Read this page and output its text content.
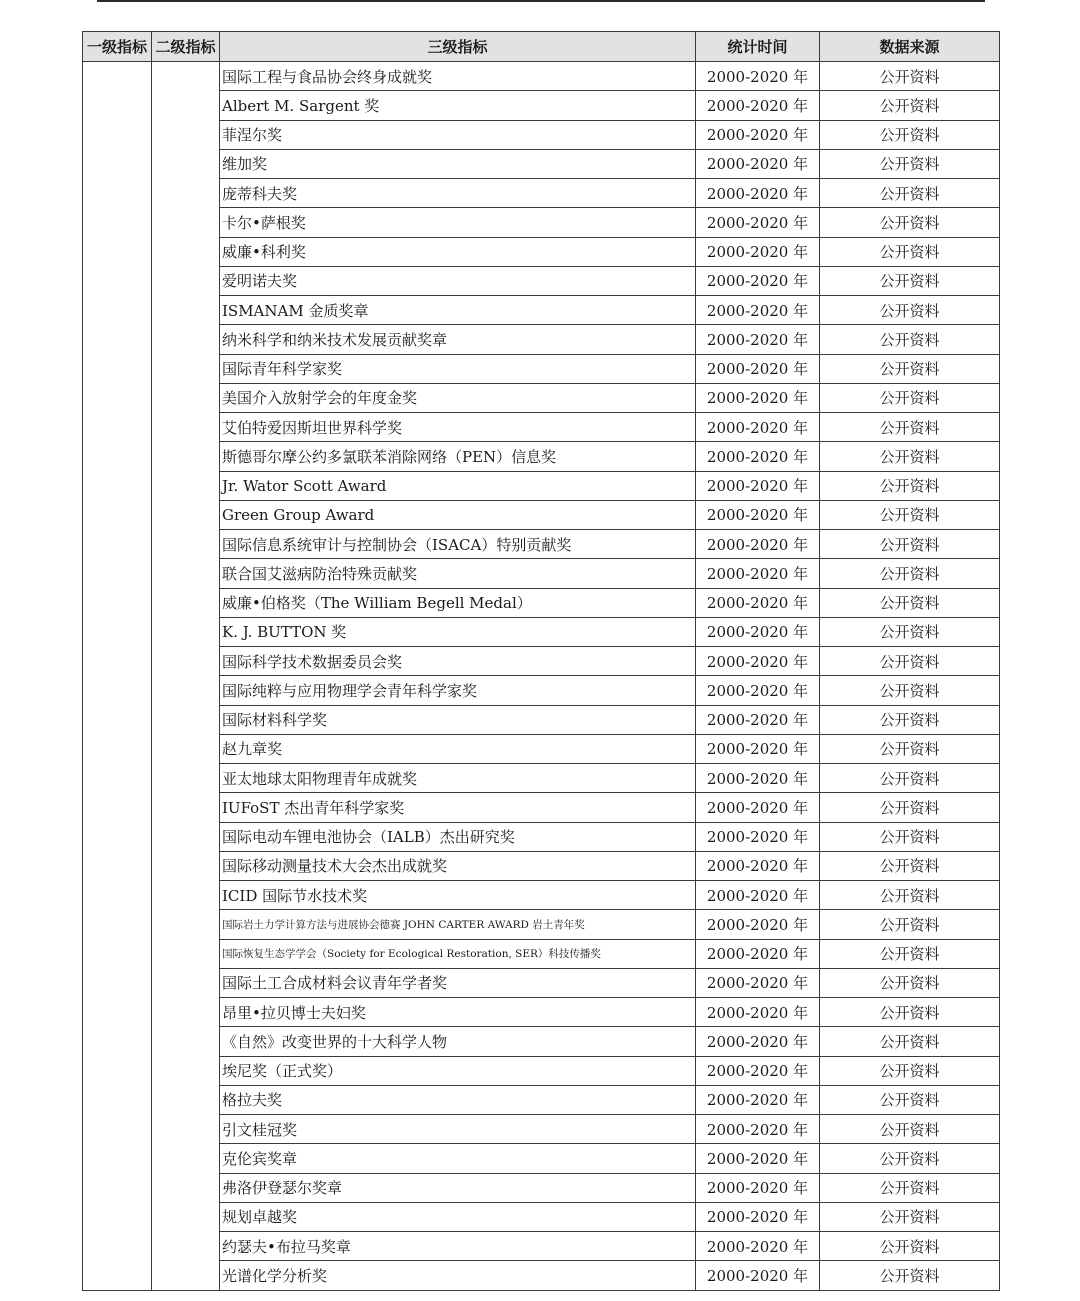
一级指标	二级指标	三级指标	统计时间	数据来源
		国际工程与食品协会终身成就奖	2000-2020 年	公开资料
		Albert M. Sargent 奖	2000-2020 年	公开资料
		菲涅尔奖	2000-2020 年	公开资料
		维加奖	2000-2020 年	公开资料
		庞蒂科夫奖	2000-2020 年	公开资料
		卡尔•萨根奖	2000-2020 年	公开资料
		威廉•科利奖	2000-2020 年	公开资料
		爱明诺夫奖	2000-2020 年	公开资料
		ISMANAM 金质奖章	2000-2020 年	公开资料
		纳米科学和纳米技术发展贡献奖章	2000-2020 年	公开资料
		国际青年科学家奖	2000-2020 年	公开资料
		美国介入放射学会的年度金奖	2000-2020 年	公开资料
		艾伯特爱因斯坦世界科学奖	2000-2020 年	公开资料
		斯德哥尔摩公约多氯联苯消除网络（PEN）信息奖	2000-2020 年	公开资料
		Jr. Wator Scott Award	2000-2020 年	公开资料
		Green Group Award	2000-2020 年	公开资料
		国际信息系统审计与控制协会（ISACA）特别贡献奖	2000-2020 年	公开资料
		联合国艾滋病防治特殊贡献奖	2000-2020 年	公开资料
		威廉•伯格奖（The William Begell Medal）	2000-2020 年	公开资料
		K. J. BUTTON 奖	2000-2020 年	公开资料
		国际科学技术数据委员会奖	2000-2020 年	公开资料
		国际纯粹与应用物理学会青年科学家奖	2000-2020 年	公开资料
		国际材料科学奖	2000-2020 年	公开资料
		赵九章奖	2000-2020 年	公开资料
		亚太地球太阳物理青年成就奖	2000-2020 年	公开资料
		IUFoST 杰出青年科学家奖	2000-2020 年	公开资料
		国际电动车锂电池协会（IALB）杰出研究奖	2000-2020 年	公开资料
		国际移动测量技术大会杰出成就奖	2000-2020 年	公开资料
		ICID 国际节水技术奖	2000-2020 年	公开资料
		国际岩土力学计算方法与进展协会德赛 JOHN CARTER AWARD 岩土青年奖	2000-2020 年	公开资料
		国际恢复生态学学会（Society for Ecological Restoration, SER）科技传播奖	2000-2020 年	公开资料
		国际土工合成材料会议青年学者奖	2000-2020 年	公开资料
		昂里•拉贝博士夫妇奖	2000-2020 年	公开资料
		《自然》改变世界的十大科学人物	2000-2020 年	公开资料
		埃尼奖（正式奖）	2000-2020 年	公开资料
		格拉夫奖	2000-2020 年	公开资料
		引文桂冠奖	2000-2020 年	公开资料
		克伦宾奖章	2000-2020 年	公开资料
		弗洛伊登瑟尔奖章	2000-2020 年	公开资料
		规划卓越奖	2000-2020 年	公开资料
		约瑟夫•布拉马奖章	2000-2020 年	公开资料
		光谱化学分析奖	2000-2020 年	公开资料
